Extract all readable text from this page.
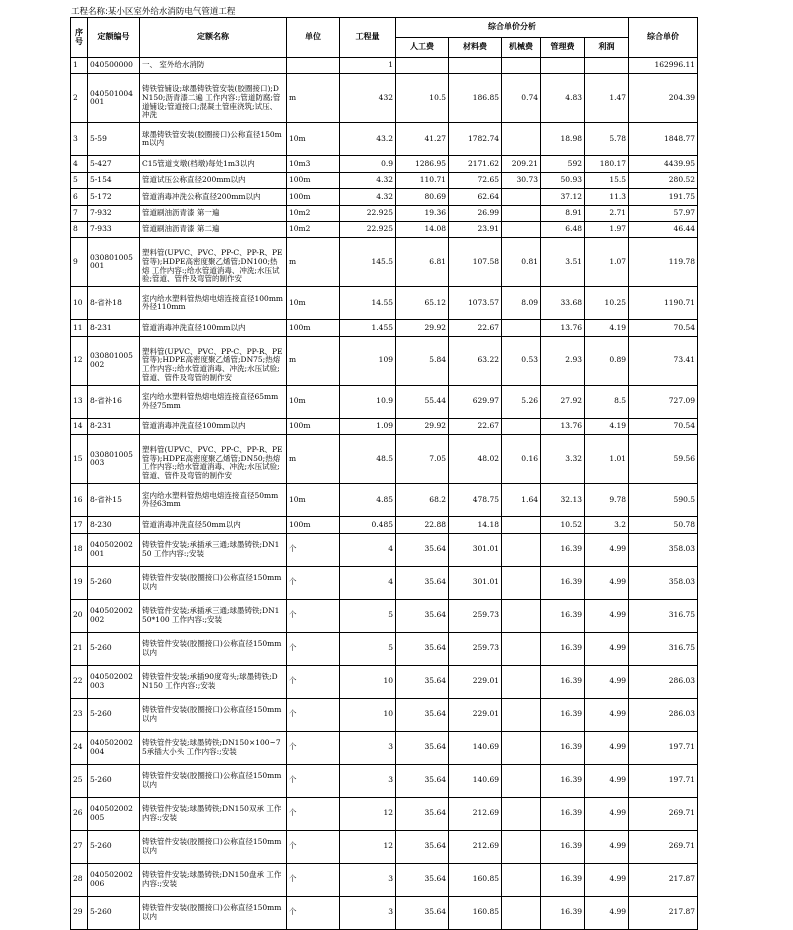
工程名称:某小区室外给水消防电气管道工程
序号	定额编号	定额名称	单位	工程量	综合单价分析					综合单价
					人工费	材料费	机械费	管理费	利润	

1	040500000	一、 室外给水消防		1						162996.11

2	040501004001	铸铁管铺设;球墨铸铁管安装(胶圈接口);DN150;沥青漆二遍 工作内容:;管道防腐;管道铺设;管道接口;混凝土管座浇筑;试压、冲洗	m	432	10.5	186.85	0.74	4.83	1.47	204.39

3	5-59	球墨铸铁管安装(胶圈接口)公称直径150mm以内	10m	43.2	41.27	1782.74		18.98	5.78	1848.77

4	5-427	C15管道支墩(档墩)每处1m3以内	10m3	0.9	1286.95	2171.62	209.21	592	180.17	4439.95

5	5-154	管道试压公称直径200mm以内	100m	4.32	110.71	72.65	30.73	50.93	15.5	280.52

6	5-172	管道消毒冲洗公称直径200mm以内	100m	4.32	80.69	62.64		37.12	11.3	191.75

7	7-932	管道刷油沥青漆 第一遍	10m2	22.925	19.36	26.99		8.91	2.71	57.97

8	7-933	管道刷油沥青漆 第二遍	10m2	22.925	14.08	23.91		6.48	1.97	46.44

9	030801005001	塑料管(UPVC、PVC、PP-C、PP-R、PE管等);HDPE高密度聚乙烯管;DN100;热熔 工作内容:;给水管道消毒、冲洗;水压试验;管道、管件及弯管的制作安	m	145.5	6.81	107.58	0.81	3.51	1.07	119.78

10	8-省补18	室内给水塑料管热熔电熔连接直径100mm外径110mm	10m	14.55	65.12	1073.57	8.09	33.68	10.25	1190.71

11	8-231	管道消毒冲洗直径100mm以内	100m	1.455	29.92	22.67		13.76	4.19	70.54

12	030801005002	塑料管(UPVC、PVC、PP-C、PP-R、PE管等);HDPE高密度聚乙烯管;DN75;热熔 工作内容:;给水管道消毒、冲洗;水压试验;管道、管件及弯管的制作安	m	109	5.84	63.22	0.53	2.93	0.89	73.41

13	8-省补16	室内给水塑料管热熔电熔连接直径65mm外径75mm	10m	10.9	55.44	629.97	5.26	27.92	8.5	727.09

14	8-231	管道消毒冲洗直径100mm以内	100m	1.09	29.92	22.67		13.76	4.19	70.54

15	030801005003	塑料管(UPVC、PVC、PP-C、PP-R、PE管等);HDPE高密度聚乙烯管;DN50;热熔 工作内容:;给水管道消毒、冲洗;水压试验;管道、管件及弯管的制作安	m	48.5	7.05	48.02	0.16	3.32	1.01	59.56

16	8-省补15	室内给水塑料管热熔电熔连接直径50mm外径63mm	10m	4.85	68.2	478.75	1.64	32.13	9.78	590.5

17	8-230	管道消毒冲洗直径50mm以内	100m	0.485	22.88	14.18		10.52	3.2	50.78

18	040502002001	铸铁管件安装;承插承三通;球墨铸铁;DN150 工作内容:;安装	个	4	35.64	301.01		16.39	4.99	358.03

19	5-260	铸铁管件安装(胶圈接口)公称直径150mm以内	个	4	35.64	301.01		16.39	4.99	358.03

20	040502002002	铸铁管件安装;承插承三通;球墨铸铁;DN150*100 工作内容:;安装	个	5	35.64	259.73		16.39	4.99	316.75

21	5-260	铸铁管件安装(胶圈接口)公称直径150mm以内	个	5	35.64	259.73		16.39	4.99	316.75

22	040502002003	铸铁管件安装;承插90度弯头;球墨铸铁;DN150 工作内容:;安装	个	10	35.64	229.01		16.39	4.99	286.03

23	5-260	铸铁管件安装(胶圈接口)公称直径150mm以内	个	10	35.64	229.01		16.39	4.99	286.03

24	040502002004	铸铁管件安装;球墨铸铁;DN150×100~75承插大小头 工作内容:;安装	个	3	35.64	140.69		16.39	4.99	197.71

25	5-260	铸铁管件安装(胶圈接口)公称直径150mm以内	个	3	35.64	140.69		16.39	4.99	197.71

26	040502002005	铸铁管件安装;球墨铸铁;DN150双承 工作内容:;安装	个	12	35.64	212.69		16.39	4.99	269.71

27	5-260	铸铁管件安装(胶圈接口)公称直径150mm以内	个	12	35.64	212.69		16.39	4.99	269.71

28	040502002006	铸铁管件安装;球墨铸铁;DN150盘承 工作内容:;安装	个	3	35.64	160.85		16.39	4.99	217.87

29	5-260	铸铁管件安装(胶圈接口)公称直径150mm以内	个	3	35.64	160.85		16.39	4.99	217.87
